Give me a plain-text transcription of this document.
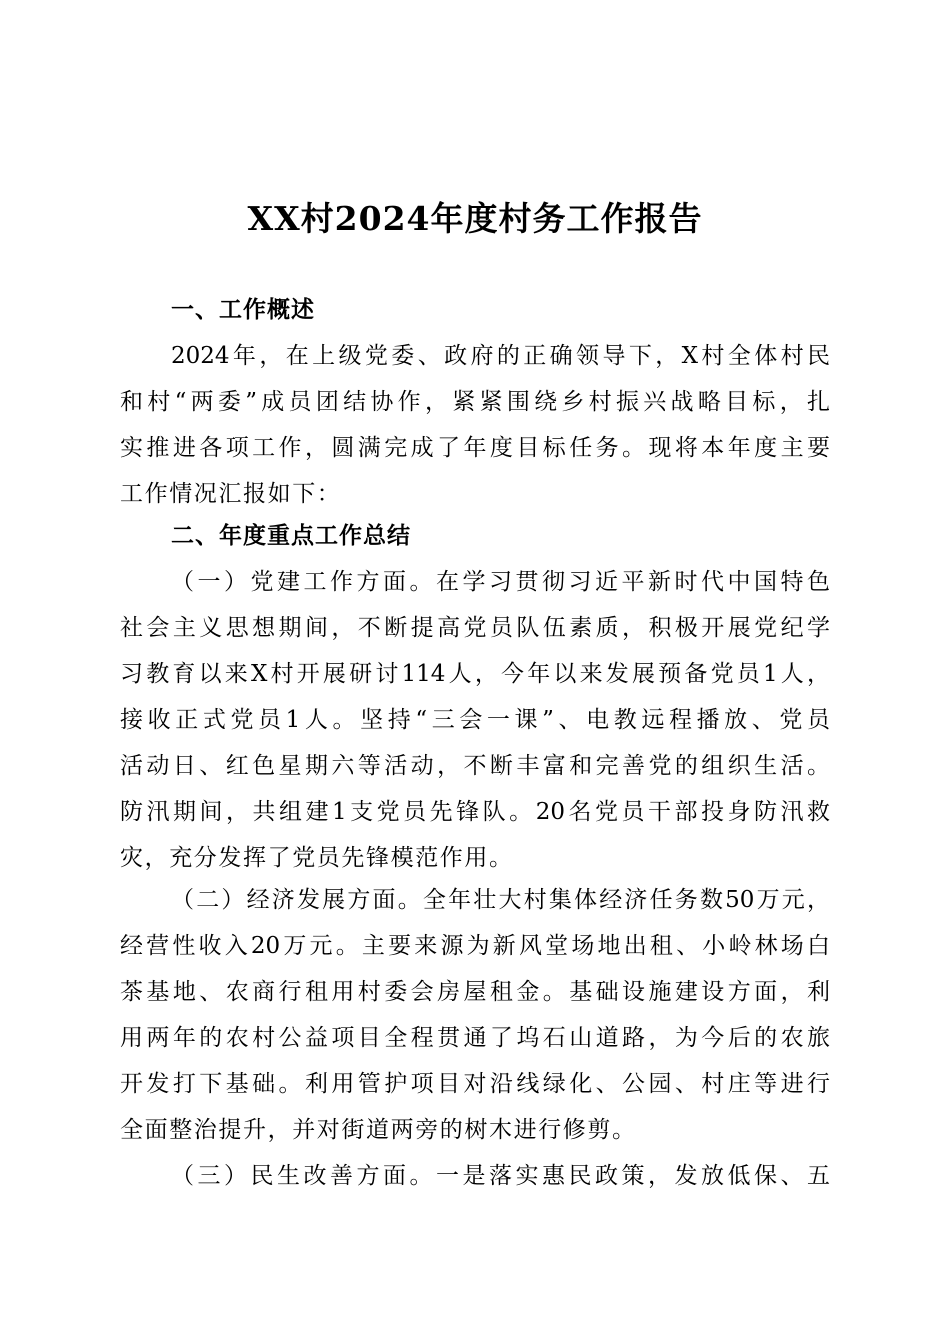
XX村2024年度村务工作报告
一、工作概述
2024年，在上级党委、政府的正确领导下，X村全体村民
和村“两委”成员团结协作，紧紧围绕乡村振兴战略目标，扎
实推进各项工作，圆满完成了年度目标任务。现将本年度主要
工作情况汇报如下：
二、年度重点工作总结
（一）党建工作方面。在学习贯彻习近平新时代中国特色
社会主义思想期间，不断提高党员队伍素质，积极开展党纪学
习教育以来X村开展研讨114人，今年以来发展预备党员1人，
接收正式党员1人。坚持“三会一课”、电教远程播放、党员
活动日、红色星期六等活动，不断丰富和完善党的组织生活。
防汛期间，共组建1支党员先锋队。20名党员干部投身防汛救
灾，充分发挥了党员先锋模范作用。
（二）经济发展方面。全年壮大村集体经济任务数50万元，
经营性收入20万元。主要来源为新风堂场地出租、小岭林场白
茶基地、农商行租用村委会房屋租金。基础设施建设方面，利
用两年的农村公益项目全程贯通了坞石山道路，为今后的农旅
开发打下基础。利用管护项目对沿线绿化、公园、村庄等进行
全面整治提升，并对街道两旁的树木进行修剪。
（三）民生改善方面。一是落实惠民政策，发放低保、五
